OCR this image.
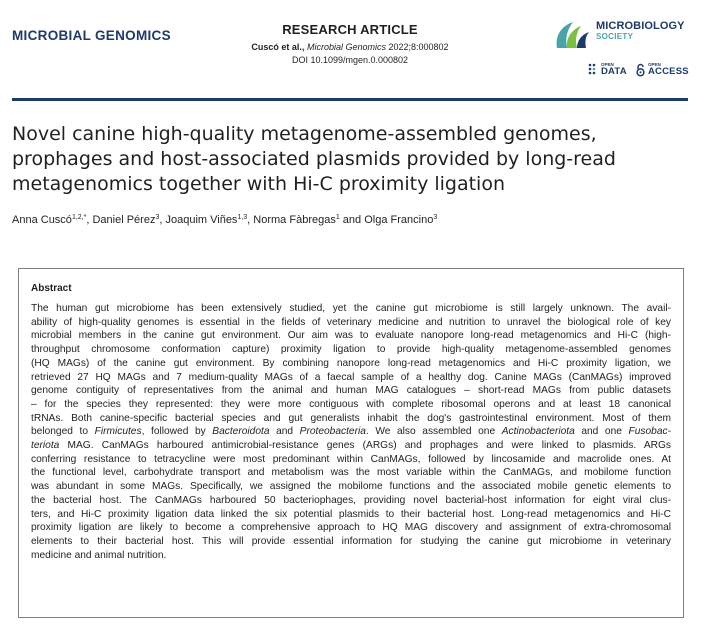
MICROBIAL GENOMICS	RESEARCH ARTICLE
Cuscó et al., Microbial Genomics 2022;8:000802
DOI 10.1099/mgen.0.000802
MICROBIOLOGY
SOCIETY
OPEN
DATA
OPEN
ACCESS
Novel canine high-quality metagenome-assembled genomes,
prophages and host-associated plasmids provided by long-read
metagenomics together with Hi-C proximity ligation
Anna Cuscó$^{1,2,*}$, Daniel Pérez$^3$, Joaquim Viñes$^{1,3}$, Norma Fàbregas$^1$ and Olga Francino$^3$
Abstract
The human gut microbiome has been extensively studied, yet the canine gut microbiome is still largely unknown. The avail-
ability of high-quality genomes is essential in the fields of veterinary medicine and nutrition to unravel the biological role of key
microbial members in the canine gut environment. Our aim was to evaluate nanopore long-read metagenomics and Hi-C (high-
throughput chromosome conformation capture) proximity ligation to provide high-quality metagenome-assembled genomes
(HQ MAGs) of the canine gut environment. By combining nanopore long-read metagenomics and Hi-C proximity ligation, we
retrieved 27 HQ MAGs and 7 medium-quality MAGs of a faecal sample of a healthy dog. Canine MAGs (CanMAGs) improved
genome contiguity of representatives from the animal and human MAG catalogues – short-read MAGs from public datasets
– for the species they represented: they were more contiguous with complete ribosomal operons and at least 18 canonical
tRNAs. Both canine-specific bacterial species and gut generalists inhabit the dog's gastrointestinal environment. Most of them
belonged to Firmicutes, followed by Bacteroidota and Proteobacteria. We also assembled one Actinobacteriota and one Fusobac-
teriota MAG. CanMAGs harboured antimicrobial-resistance genes (ARGs) and prophages and were linked to plasmids. ARGs
conferring resistance to tetracycline were most predominant within CanMAGs, followed by lincosamide and macrolide ones. At
the functional level, carbohydrate transport and metabolism was the most variable within the CanMAGs, and mobilome function
was abundant in some MAGs. Specifically, we assigned the mobilome functions and the associated mobile genetic elements to
the bacterial host. The CanMAGs harboured 50 bacteriophages, providing novel bacterial-host information for eight viral clus-
ters, and Hi-C proximity ligation data linked the six potential plasmids to their bacterial host. Long-read metagenomics and Hi-C
proximity ligation are likely to become a comprehensive approach to HQ MAG discovery and assignment of extra-chromosomal
elements to their bacterial host. This will provide essential information for studying the canine gut microbiome in veterinary
medicine and animal nutrition.
